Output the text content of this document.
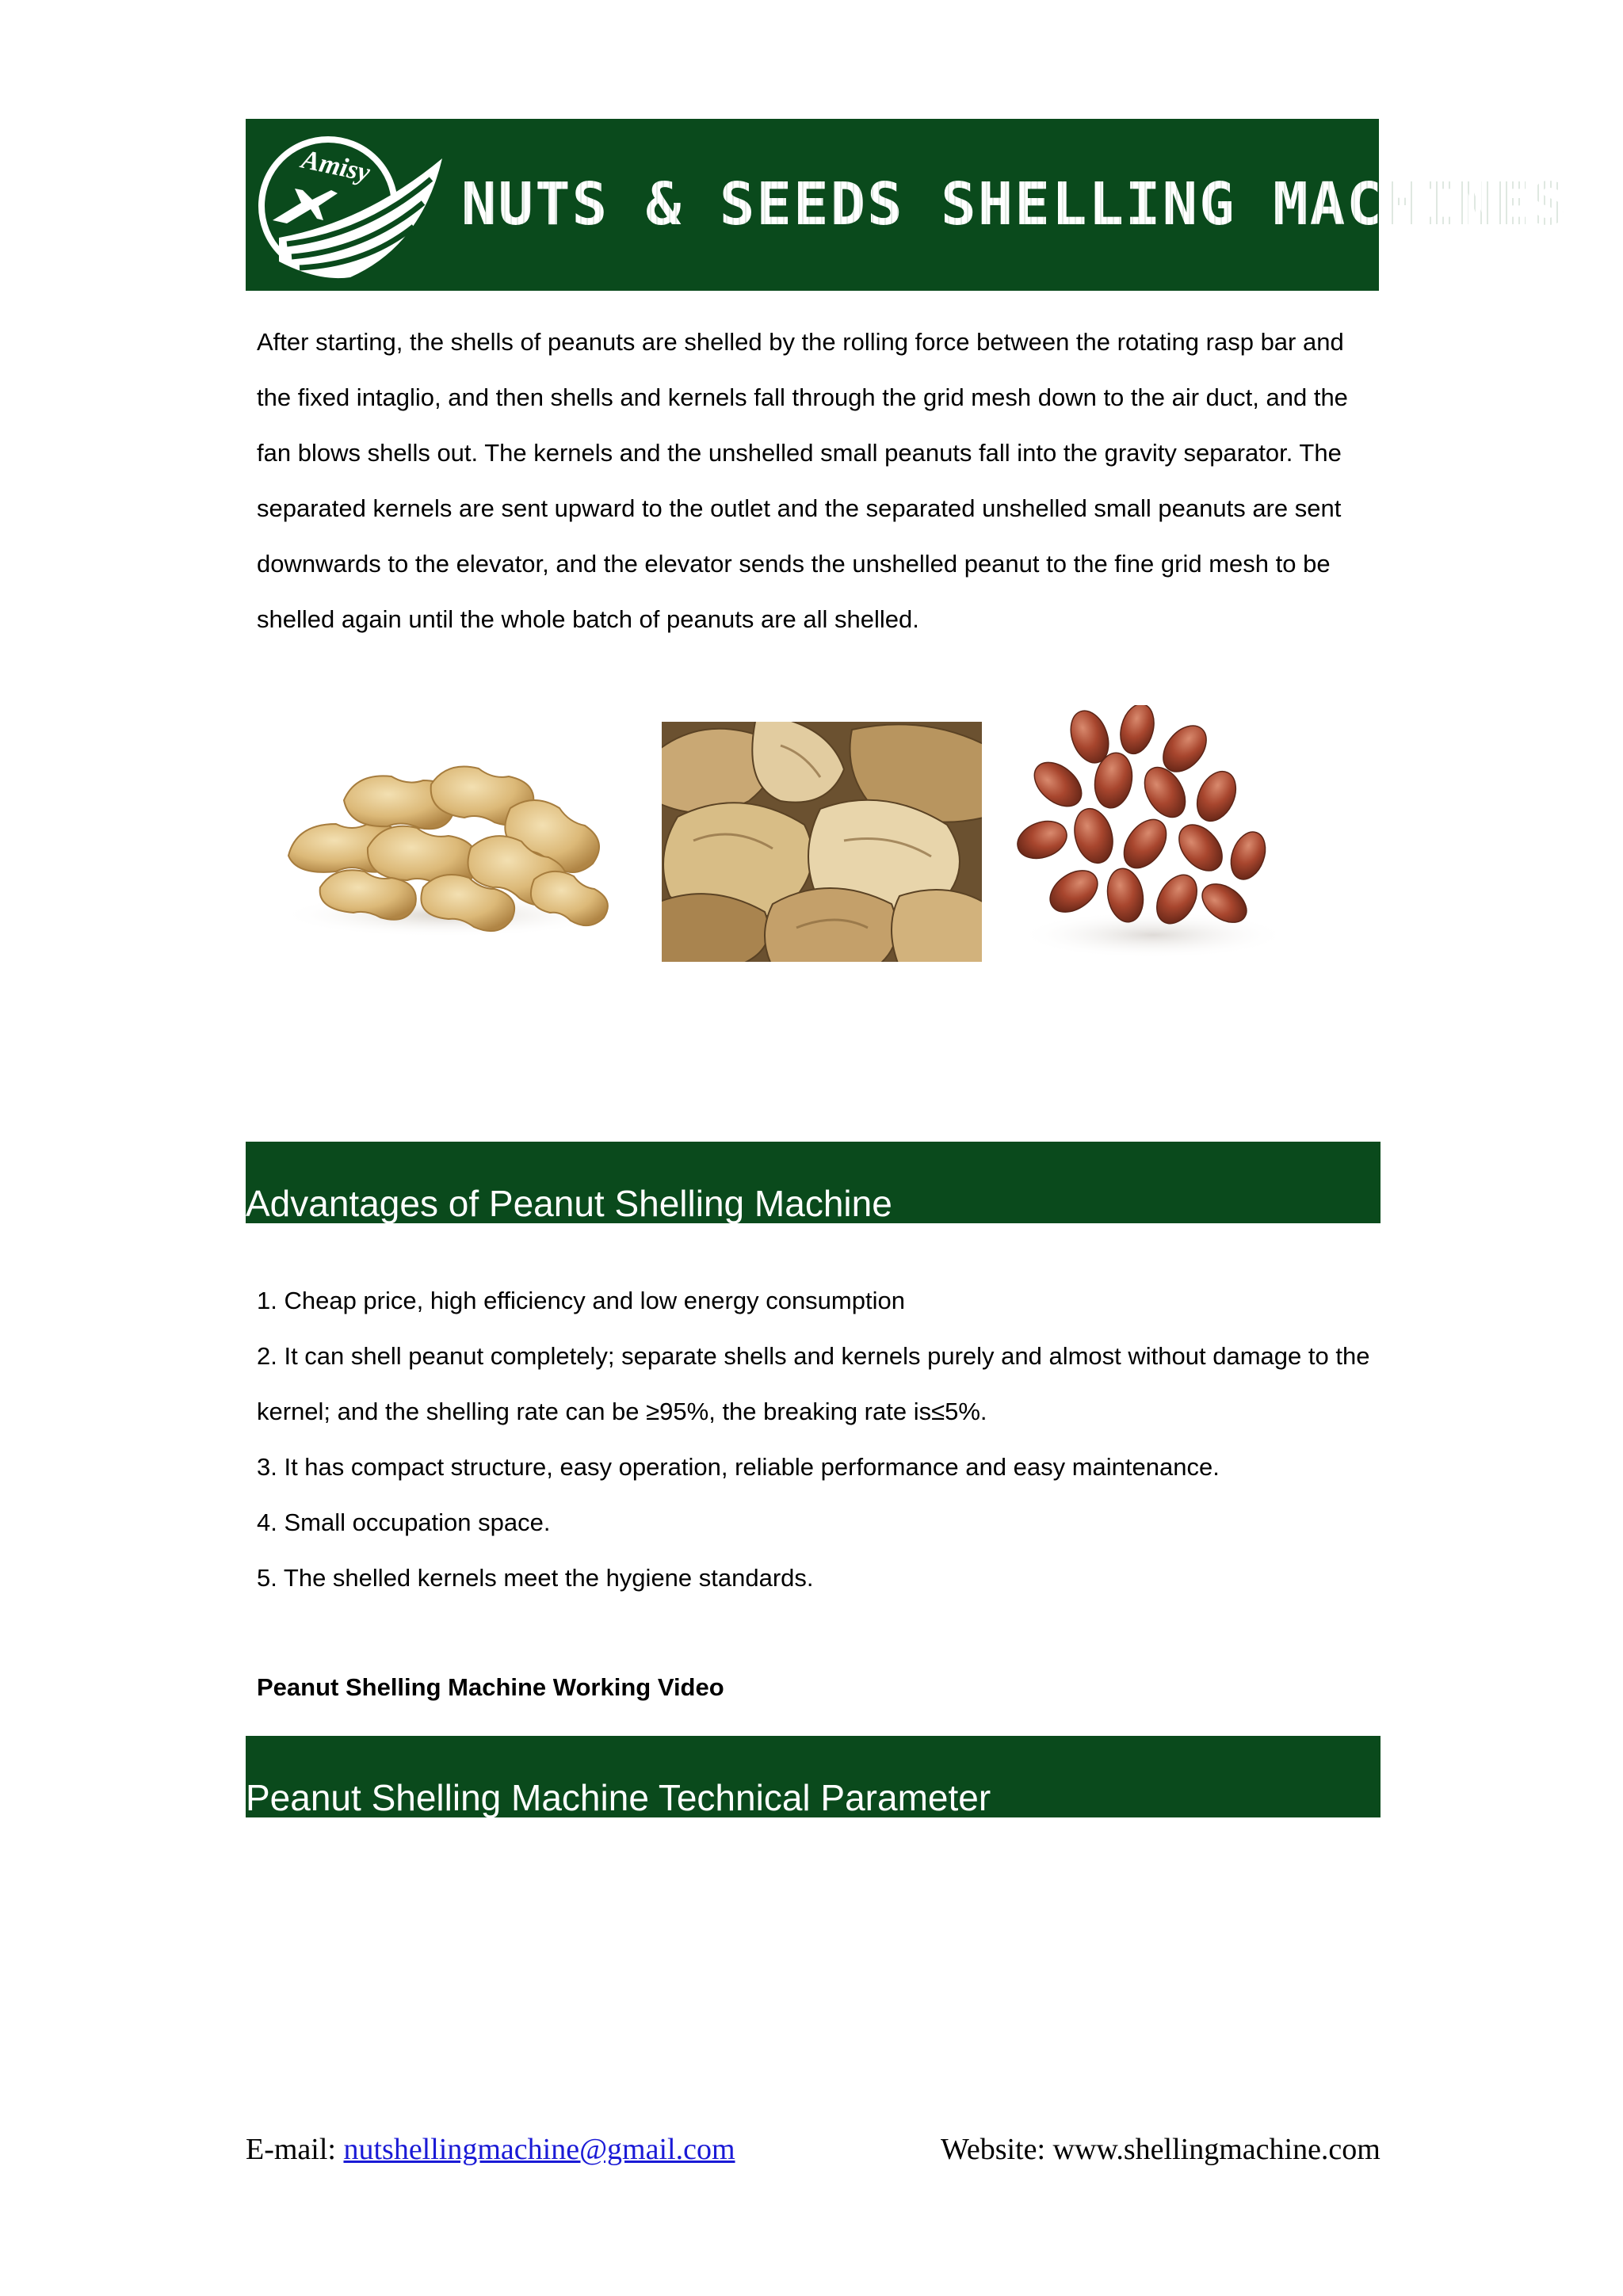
Amisy
NUTS & SEEDS SHELLING MACHINES
After starting, the shells of peanuts are shelled by the rolling force between the rotating rasp bar and
the fixed intaglio, and then shells and kernels fall through the grid mesh down to the air duct, and the
fan blows shells out. The kernels and the unshelled small peanuts fall into the gravity separator. The
separated kernels are sent upward to the outlet and the separated unshelled small peanuts are sent
downwards to the elevator, and the elevator sends the unshelled peanut to the fine grid mesh to be
shelled again until the whole batch of peanuts are all shelled.
Advantages of Peanut Shelling Machine
1. Cheap price, high efficiency and low energy consumption
2. It can shell peanut completely; separate shells and kernels purely and almost without damage to the
kernel; and the shelling rate can be ≥95%, the breaking rate is≤5%.
3. It has compact structure, easy operation, reliable performance and easy maintenance.
4. Small occupation space.
5. The shelled kernels meet the hygiene standards.
Peanut Shelling Machine Working Video
Peanut Shelling Machine Technical Parameter
E-mail: nutshellingmachine@gmail.com	Website: www.shellingmachine.com
